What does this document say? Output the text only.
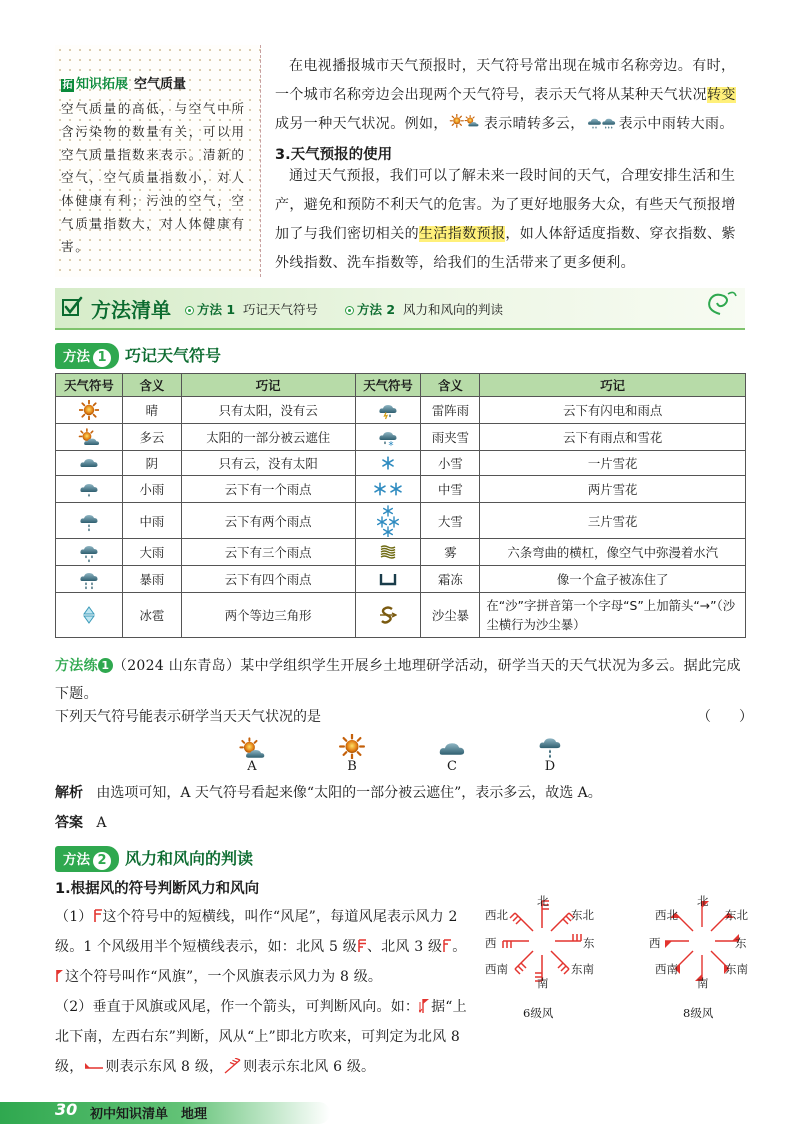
拓 知识拓展 空气质量
空气质量的高低，与空气中所含污染物的数量有关，可以用空气质量指数来表示。清新的空气，空气质量指数小，对人体健康有利；污浊的空气，空气质量指数大，对人体健康有害。
在电视播报城市天气预报时，天气符号常出现在城市名称旁边。有时，一个城市名称旁边会出现两个天气符号，表示天气将从某种天气状况转变成另一种天气状况。例如，	表示晴转多云， 表示中雨转大雨。
3.天气预报的使用
通过天气预报，我们可以了解未来一段时间的天气，合理安排生活和生产，避免和预防不利天气的危害。为了更好地服务大众，有些天气预报增加了与我们密切相关的生活指数预报，如人体舒适度指数、穿衣指数、紫外线指数、洗车指数等，给我们的生活带来了更多便利。
方法清单	方法 1 巧记天气符号	方法 2 风力和风向的判读
方法 1 巧记天气符号
天气符号	含义	巧记	天气符号	含义	巧记

	晴	只有太阳，没有云		雷阵雨	云下有闪电和雨点

	多云	太阳的一部分被云遮住		雨夹雪	云下有雨点和雪花

	阴	只有云，没有太阳		小雪	一片雪花

	小雨	云下有一个雨点		中雪	两片雪花

	中雨	云下有两个雨点		大雪	三片雪花

	大雨	云下有三个雨点		雾	六条弯曲的横杠，像空气中弥漫着水汽

	暴雨	云下有四个雨点		霜冻	像一个盒子被冻住了

	冰雹	两个等边三角形		沙尘暴	在“沙”字拼音第一个字母“S”上加箭头“→”（沙尘横行为沙尘暴）
方法练 1 （2024 山东青岛）某中学组织学生开展乡土地理研学活动，研学当天的天气状况为多云。据此完成下题。
下列天气符号能表示研学当天天气状况的是	（　　）
A	B	C	D
解析 由选项可知，A 天气符号看起来像“太阳的一部分被云遮住”，表示多云，故选 A。
答案 A
方法 2 风力和风向的判读
1.根据风的符号判断风力和风向
（1） 这个符号中的短横线，叫作“风尾”，每道风尾表示风力 2 级。1 个风级用半个短横线表示，如：北风 5 级 、北风 3 级 。
这个符号叫作“风旗”，一个风旗表示风力为 8 级。
（2）垂直于风旗或风尾，作一个箭头，可判断风向。如： 据“上北下南，左西右东”判断，风从“上”即北方吹来，可判定为北风 8 级， 则表示东风 8 级， 则表示东北风 6 级。
北
西北	东北
西	东
西南	东南
南
6级风
北
西北	东北
西	东
西南	东南
南
8级风
30 初中知识清单　地理
